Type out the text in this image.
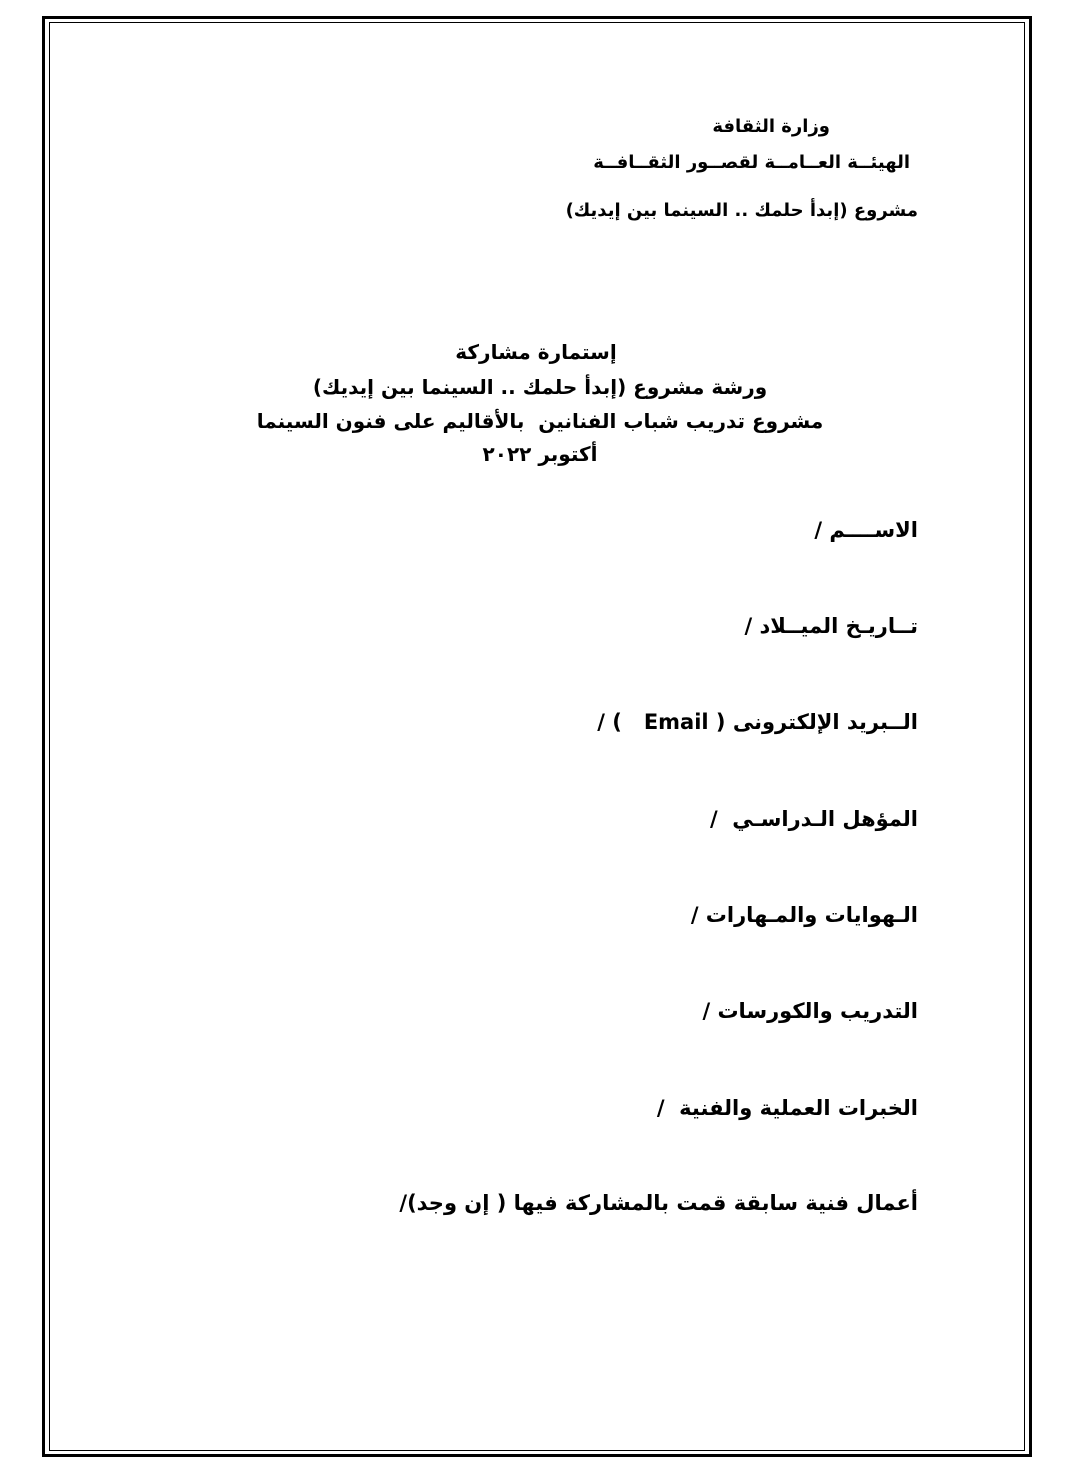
وزارة الثقافة
الهيئــة العــامــة لقصــور الثقــافــة
مشروع (إبدأ حلمك .. السينما بين إيديك)
إستمارة مشاركة
ورشة مشروع (إبدأ حلمك .. السينما بين إيديك)
مشروع تدريب شباب الفنانين  بالأقاليم على فنون السينما
أكتوبر ٢٠٢٢
الاســــم /
تــاريـخ الميــلاد /
الــبريد الإلكترونى ( Email   ) /
المؤهل الـدراسـي  /
الـهوايات والمـهارات /
التدريب والكورسات /
الخبرات العملية والفنية  /
أعمال فنية سابقة قمت بالمشاركة فيها ( إن وجد)/
